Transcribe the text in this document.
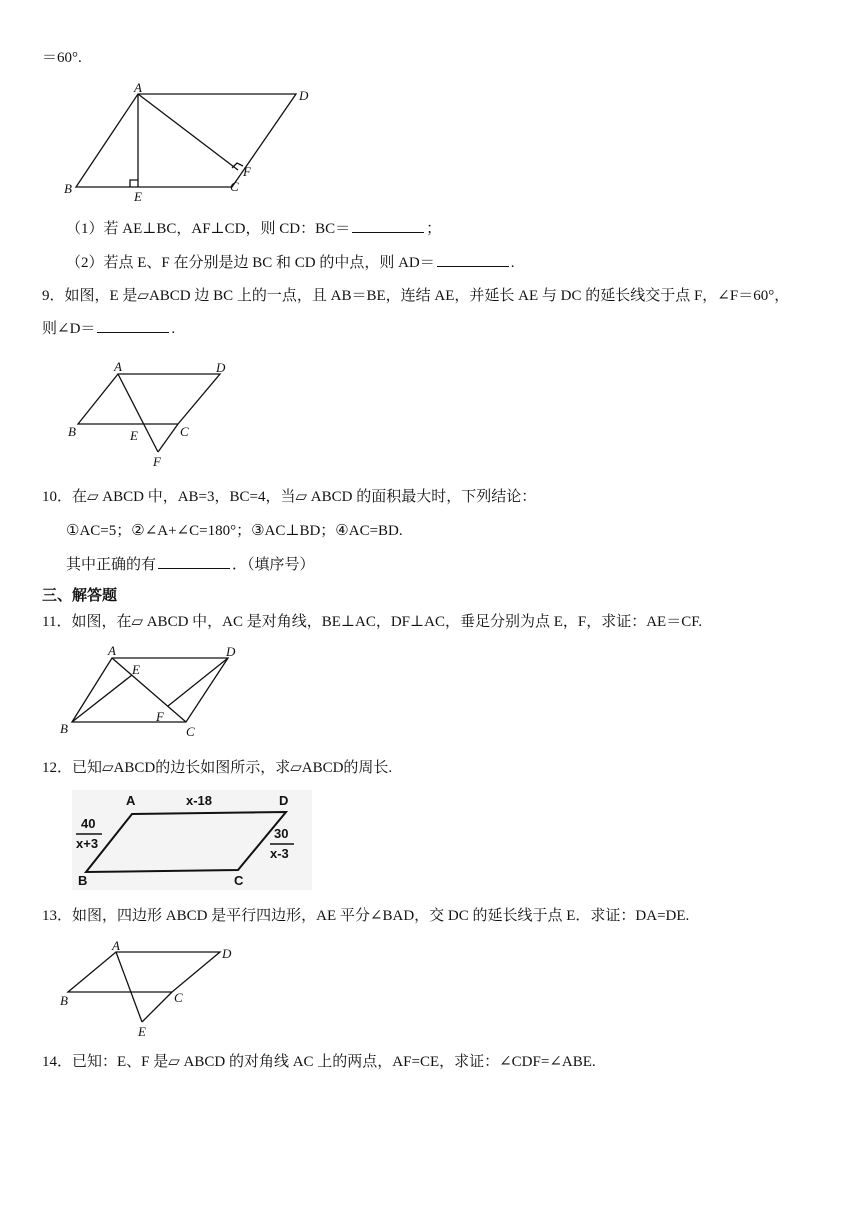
＝60°.
A
D
B
E
C
F
（1）若 AE⊥BC，AF⊥CD，则 CD：BC＝	；
（2）若点 E、F 在分别是边 BC 和 CD 的中点，则 AD＝	.
9．如图，E 是▱ABCD 边 BC 上的一点，且 AB＝BE，连结 AE，并延长 AE 与 DC 的延长线交于点 F，∠F＝60°，
则∠D＝	.
A	D
B	E	C
F
10．在▱ ABCD 中，AB=3，BC=4，当▱ ABCD 的面积最大时，下列结论：
①AC=5；②∠A+∠C=180°；③AC⊥BD；④AC=BD.
其中正确的有	．（填序号）
三、解答题
11．如图，在▱ ABCD 中，AC 是对角线，BE⊥AC，DF⊥AC，垂足分别为点 E，F，求证：AE＝CF.
A	D
B
E
F
C
12．已知▱ABCD的边长如图所示，求▱ABCD的周长.
A	x-18	D
40
x+3
30
x-3
B	C
13．如图，四边形 ABCD 是平行四边形，AE 平分∠BAD，交 DC 的延长线于点 E．求证：DA=DE.
A
D
B	C
E
14．已知：E、F 是▱ ABCD 的对角线 AC 上的两点，AF=CE，求证：∠CDF=∠ABE.
